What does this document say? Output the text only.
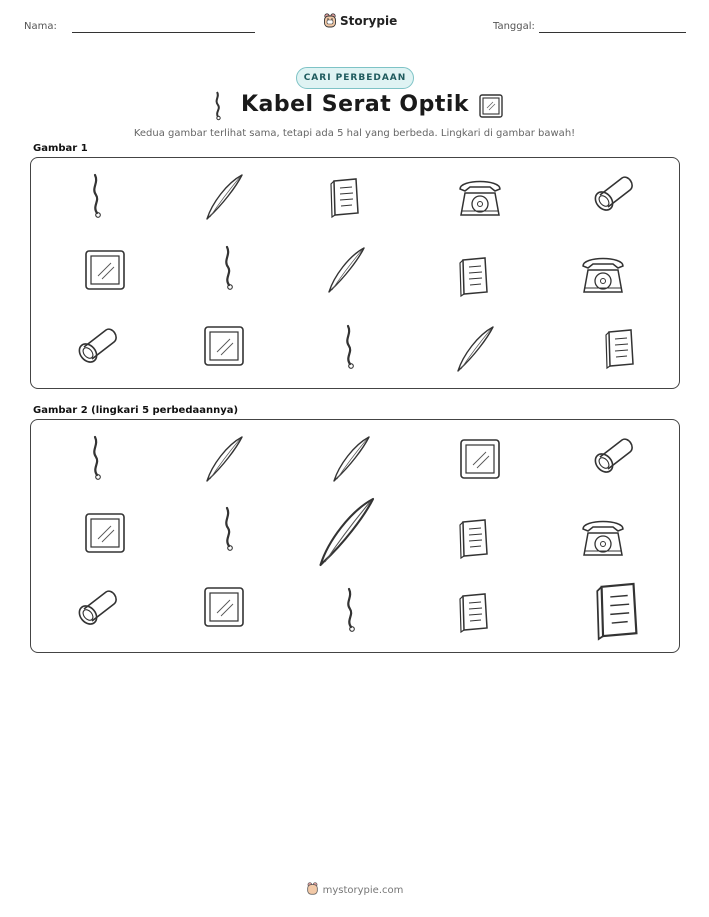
Nama:	Storypie	Tanggal:
CARI PERBEDAAN
Kabel Serat Optik
Kedua gambar terlihat sama, tetapi ada 5 hal yang berbeda. Lingkari di gambar bawah!
Gambar 1
Gambar 2 (lingkari 5 perbedaannya)
mystorypie.com
